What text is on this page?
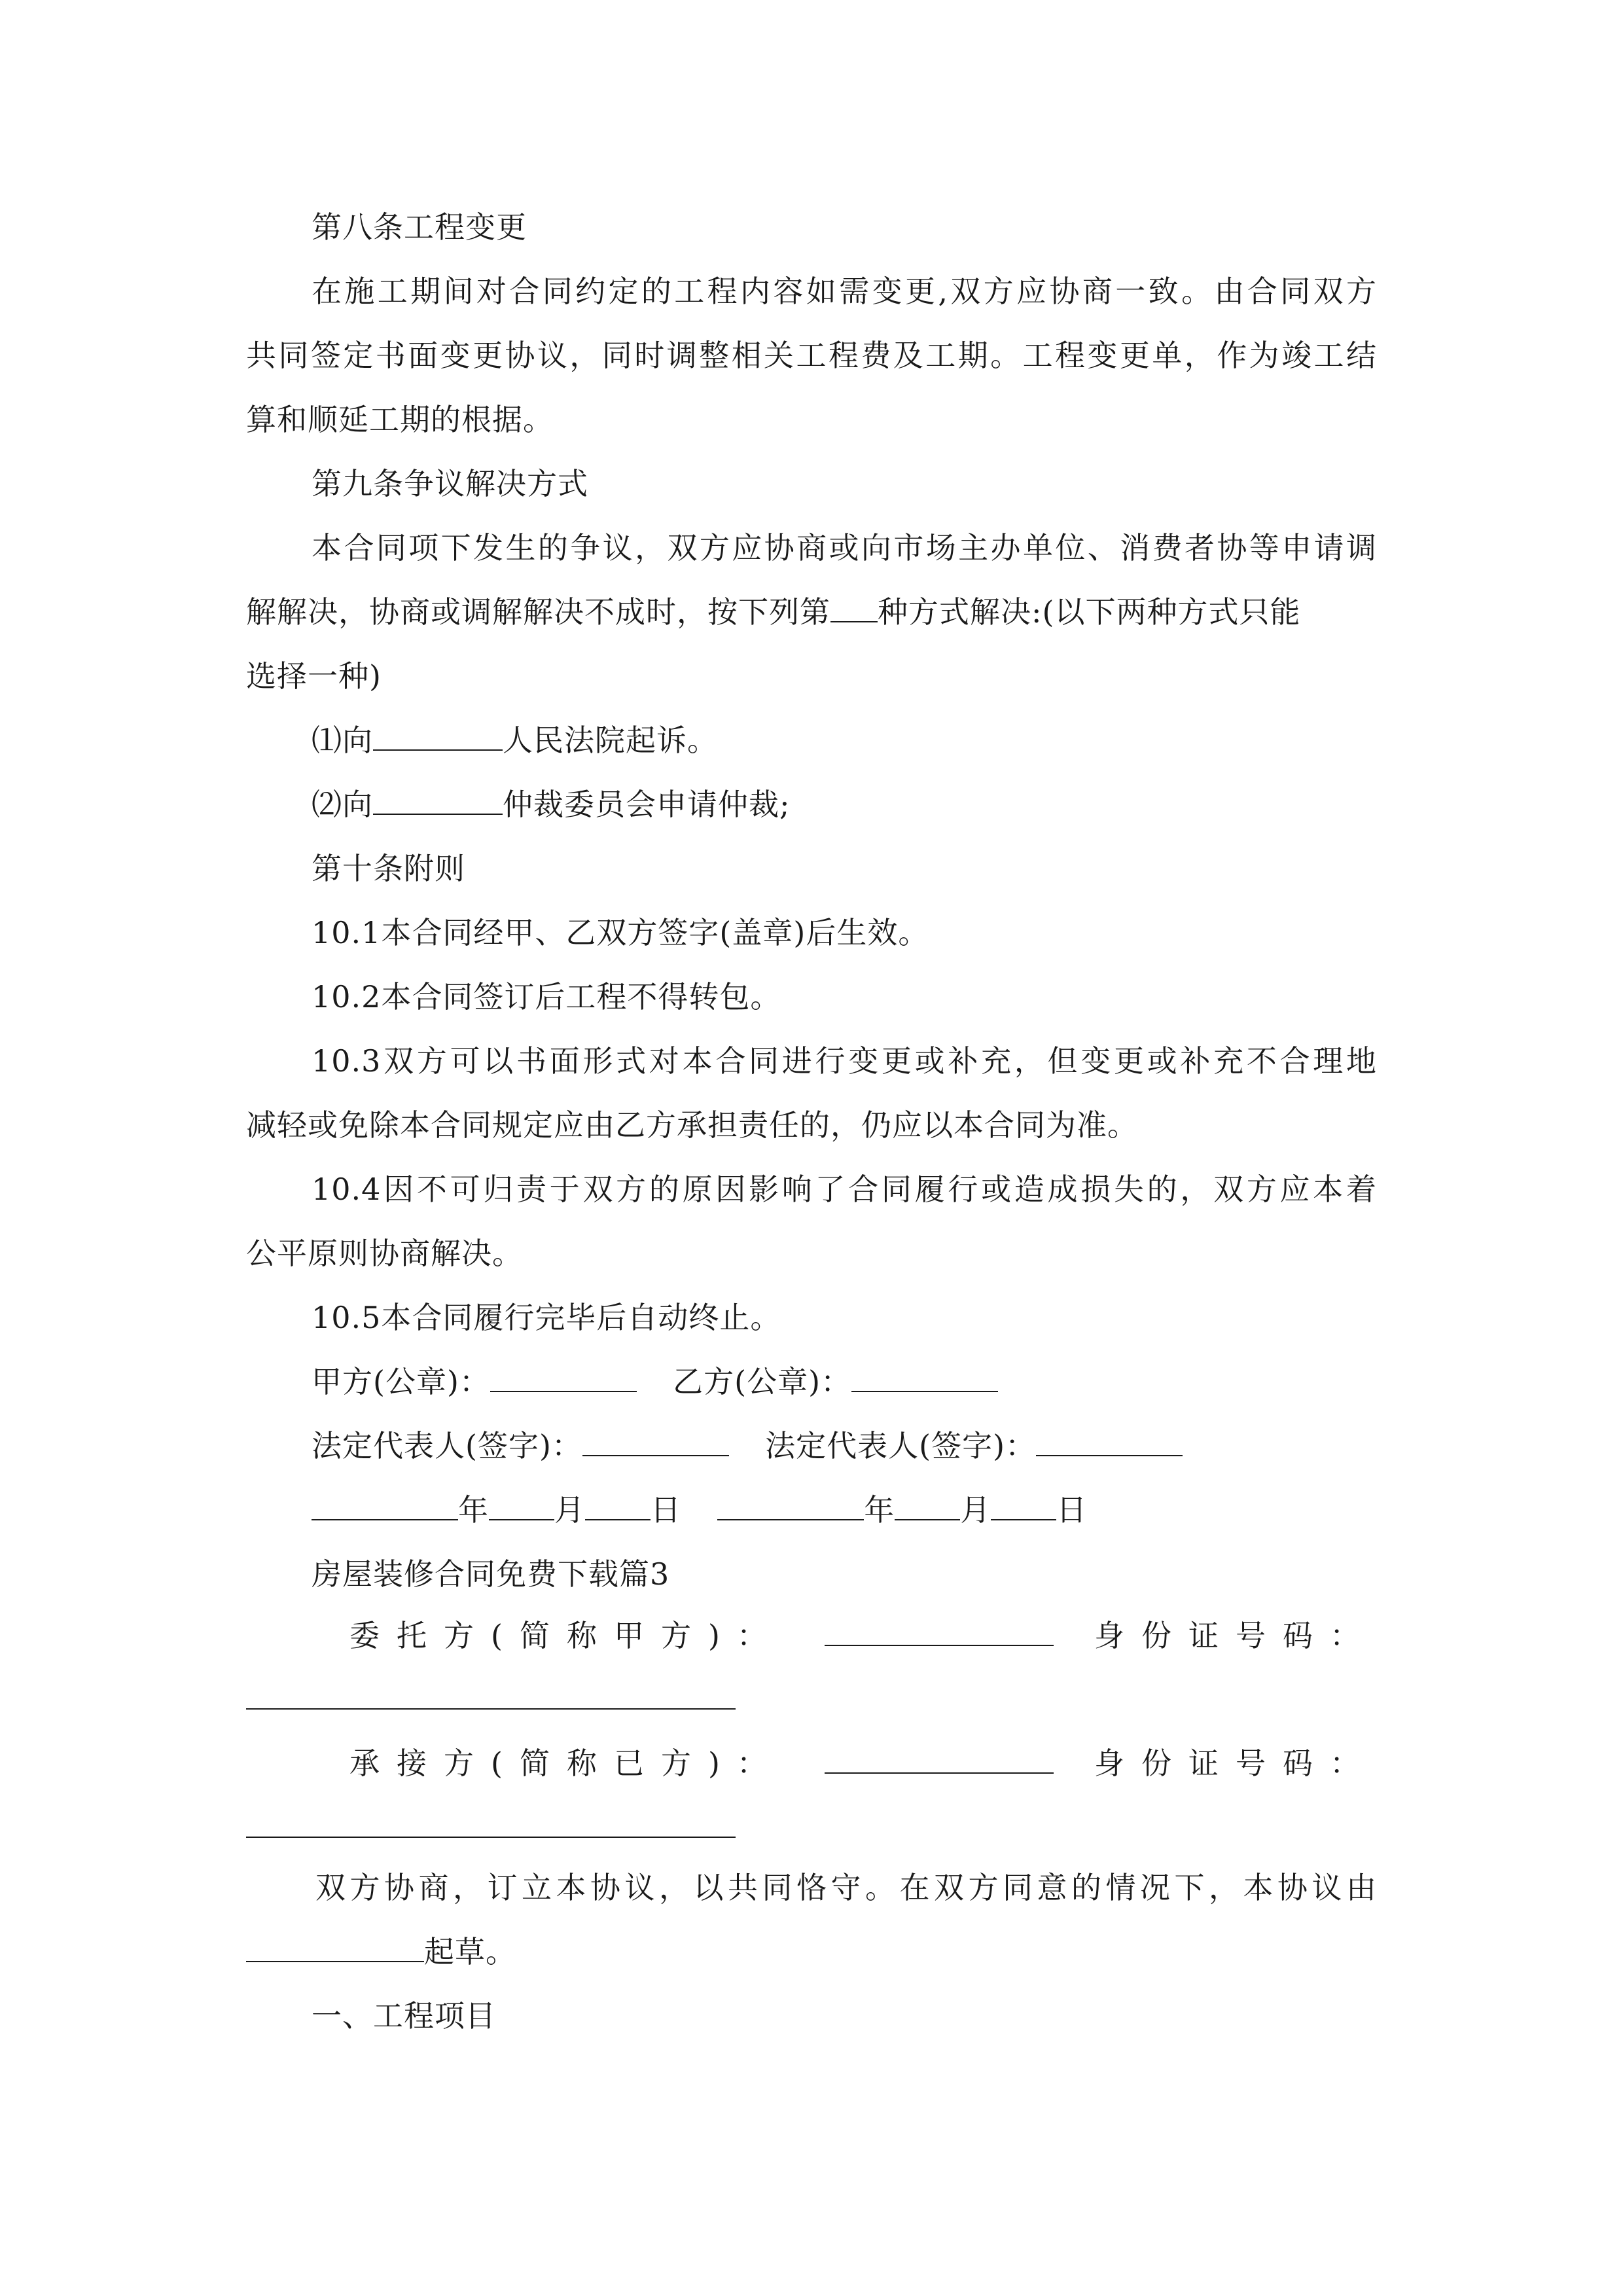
第八条工程变更
在施工期间对合同约定的工程内容如需变更,双方应协商一致。由合同双方
共同签定书面变更协议，同时调整相关工程费及工期。工程变更单，作为竣工结
算和顺延工期的根据。
第九条争议解决方式
本合同项下发生的争议，双方应协商或向市场主办单位、消费者协等申请调
解解决，协商或调解解决不成时，按下列第 种方式解决:(以下两种方式只能
选择一种)
⑴向	人民法院起诉。
⑵向	仲裁委员会申请仲裁;
第十条附则
10.1本合同经甲、乙双方签字(盖章)后生效。
10.2本合同签订后工程不得转包。
10.3双方可以书面形式对本合同进行变更或补充，但变更或补充不合理地
减轻或免除本合同规定应由乙方承担责任的，仍应以本合同为准。
10.4因不可归责于双方的原因影响了合同履行或造成损失的，双方应本着
公平原则协商解决。
10.5本合同履行完毕后自动终止。
甲方(公章)：	乙方(公章)：
法定代表人(签字)：	法定代表人(签字)：
年 月 日	年 月 日
房屋装修合同免费下载篇3
委托方(简称甲方)：	身份证号码：
承接方(简称已方)：	身份证号码：
双方协商，订立本协议，以共同恪守。在双方同意的情况下，本协议由
起草。
一、工程项目
